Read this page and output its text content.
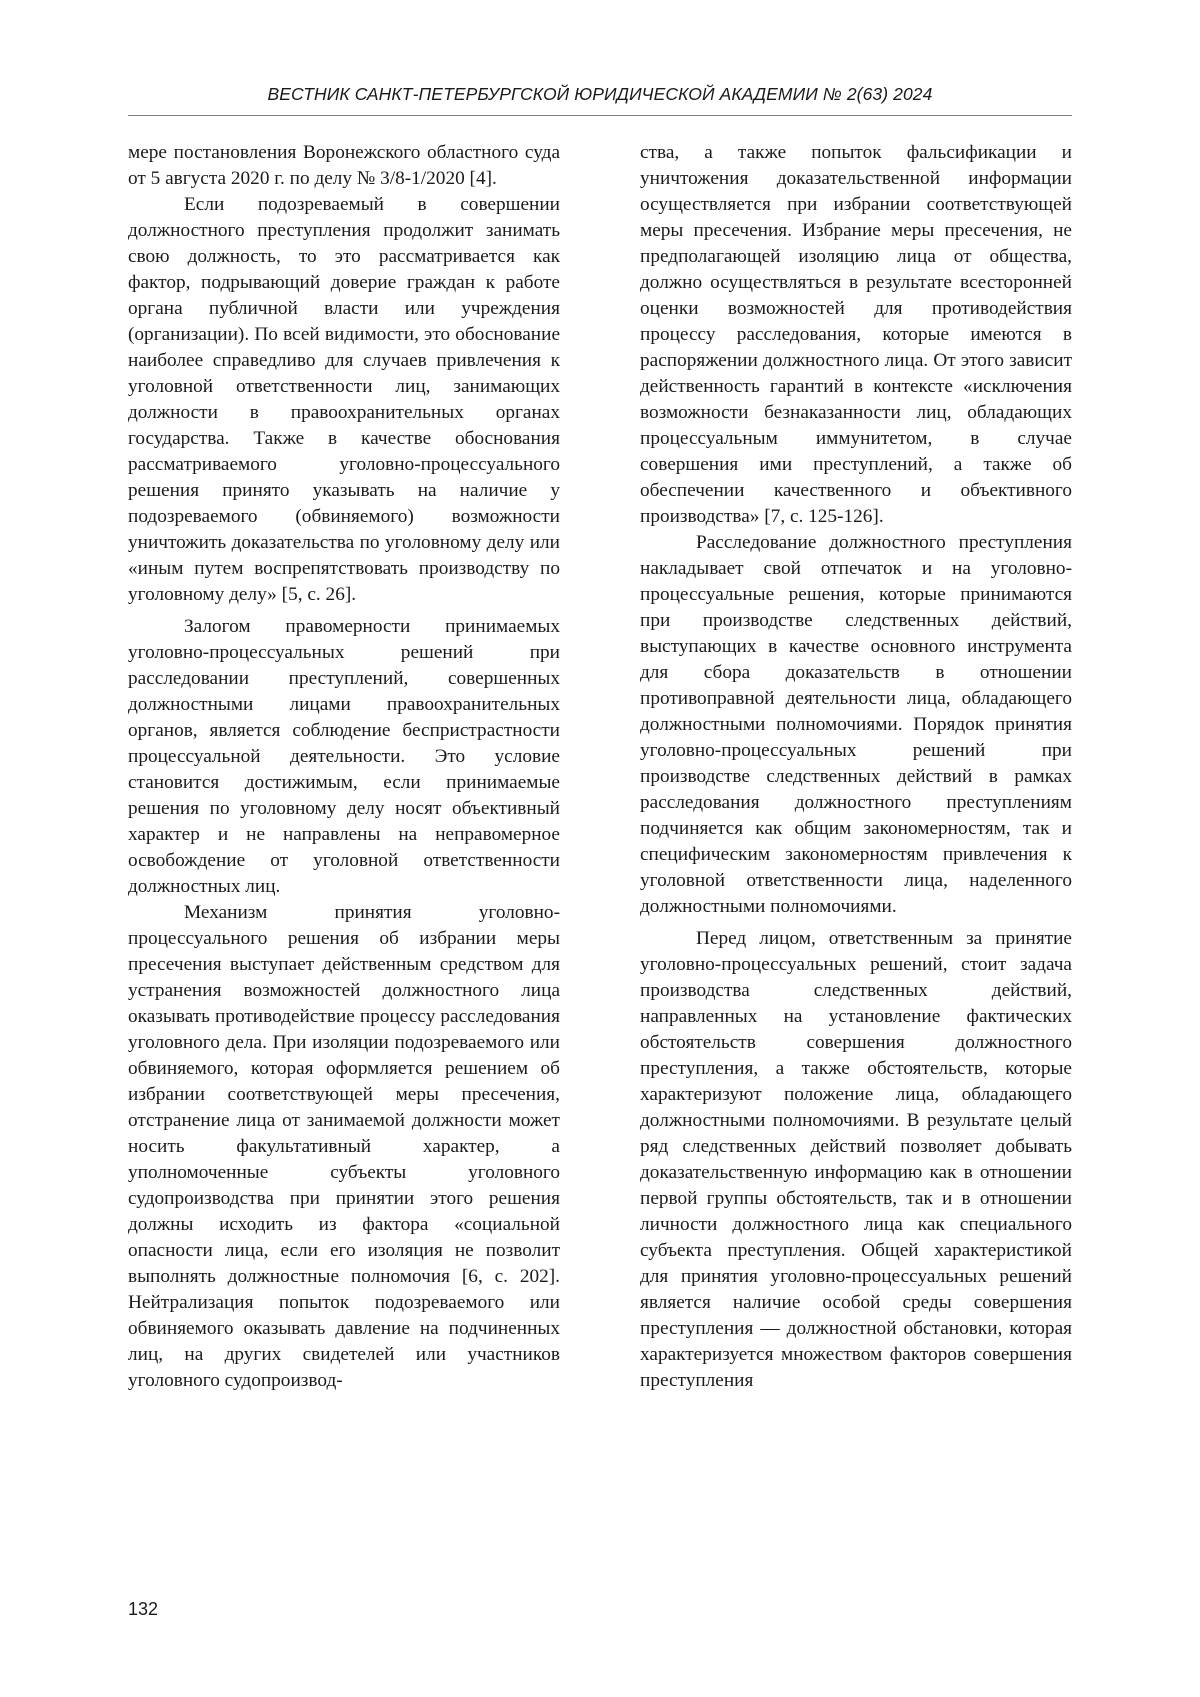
ВЕСТНИК САНКТ-ПЕТЕРБУРГСКОЙ ЮРИДИЧЕСКОЙ АКАДЕМИИ № 2(63) 2024

мере постановления Воронежского областного суда от 5 августа 2020 г. по делу № 3/8-1/2020 [4].

Если подозреваемый в совершении должностного преступления продолжит занимать свою должность, то это рассматривается как фактор, подрывающий доверие граждан к работе органа публичной власти или учреждения (организации). По всей видимости, это обоснование наиболее справедливо для случаев привлечения к уголовной ответственности лиц, занимающих должности в правоохранительных органах государства. Также в качестве обоснования рассматриваемого уголовно-процессуального решения принято указывать на наличие у подозреваемого (обвиняемого) возможности уничтожить доказательства по уголовному делу или «иным путем воспрепятствовать производству по уголовному делу» [5, с. 26].

Залогом правомерности принимаемых уголовно-процессуальных решений при расследовании преступлений, совершенных должностными лицами правоохранительных органов, является соблюдение беспристрастности процессуальной деятельности. Это условие становится достижимым, если принимаемые решения по уголовному делу носят объективный характер и не направлены на неправомерное освобождение от уголовной ответственности должностных лиц.

Механизм принятия уголовно-процессуального решения об избрании меры пресечения выступает действенным средством для устранения возможностей должностного лица оказывать противодействие процессу расследования уголовного дела. При изоляции подозреваемого или обвиняемого, которая оформляется решением об избрании соответствующей меры пресечения, отстранение лица от занимаемой должности может носить факультативный характер, а уполномоченные субъекты уголовного судопроизводства при принятии этого решения должны исходить из фактора «социальной опасности лица, если его изоляция не позволит выполнять должностные полномочия [6, с. 202]. Нейтрализация попыток подозреваемого или обвиняемого оказывать давление на подчиненных лиц, на других свидетелей или участников уголовного судопроизвод-

ства, а также попыток фальсификации и уничтожения доказательственной информации осуществляется при избрании соответствующей меры пресечения. Избрание меры пресечения, не предполагающей изоляцию лица от общества, должно осуществляться в результате всесторонней оценки возможностей для противодействия процессу расследования, которые имеются в распоряжении должностного лица. От этого зависит действенность гарантий в контексте «исключения возможности безнаказанности лиц, обладающих процессуальным иммунитетом, в случае совершения ими преступлений, а также об обеспечении качественного и объективного производства» [7, с. 125-126].

Расследование должностного преступления накладывает свой отпечаток и на уголовно-процессуальные решения, которые принимаются при производстве следственных действий, выступающих в качестве основного инструмента для сбора доказательств в отношении противоправной деятельности лица, обладающего должностными полномочиями. Порядок принятия уголовно-процессуальных решений при производстве следственных действий в рамках расследования должностного преступлениям подчиняется как общим закономерностям, так и специфическим закономерностям привлечения к уголовной ответственности лица, наделенного должностными полномочиями.

Перед лицом, ответственным за принятие уголовно-процессуальных решений, стоит задача производства следственных действий, направленных на установление фактических обстоятельств совершения должностного преступления, а также обстоятельств, которые характеризуют положение лица, обладающего должностными полномочиями. В результате целый ряд следственных действий позволяет добывать доказательственную информацию как в отношении первой группы обстоятельств, так и в отношении личности должностного лица как специального субъекта преступления. Общей характеристикой для принятия уголовно-процессуальных решений является наличие особой среды совершения преступления — должностной обстановки, которая характеризуется множеством факторов совершения преступления

132
